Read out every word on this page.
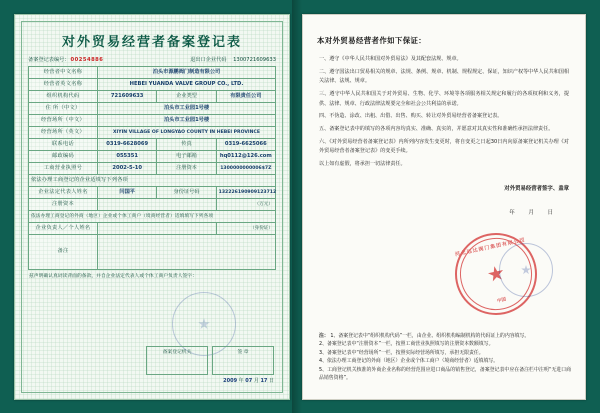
对外贸易经营者备案登记表
备案登记表编号： 00254886	退出口企业代码 1300721609633
经营者中文名称	泊头市源鹏阀门制造有限公司		
经营者英文名称	HEBEI YUANDA VALVE GROUP CO., LTD.		
组织机构代码	721609633	企业类型	有限责任公司
住 所（中文）	泊头市工业园1号楼		
经营场所（中文）	泊头市工业园1号楼		
经营场所（英文）	XIYIN VILLAGE OF LONGYAO COUNTY IN HEBEI PROVINCE		
联系电话	0319-6628069	传真	0319-6625066
邮政编码	055351	电子邮箱	hq0112@126.com
工商营业执照号	2002-5-10	注册资本	1300000000006$7Z
依法办理工商登记的企业适填写下列各项			
企业法定代表人姓名	闫国平	身份证号码	132226190909123712
注册资本			（万元）
依法办理工商登记的外商（地区）企业或个体工商户（境商经营者）适填填写下列各项			
企业负责人／个人姓名			（身份证）
备注			
兹声明确认真词读背面的条款，并自企业法定代表人或个体工商户负责人签字：
备案登记机关	签 章
2009 年 07 月 17 日
本对外贸易经营者作如下保证：

一、遵守《中华人民共和国对外贸易法》及其配套法规、规章。

二、遵守国法出口贸易相关的规章、法规、条例、规章、机制、规程规定、保证，知识产权等中华人民共和国相关法律、法规、规章。

三、遵守中华人民共和国关于对外贸易、生物、化学、环境等各项服务相关规定和履行的各项权利和义务，提供、法律、规章、行政法律法规要完全和社会公共利益的承诺。

四、不伪造、涂改、出租、出借、出售、购买、转让对外贸易经营者备案登记表。

五、备案登记表中的填写的各项内容均真实、准确、真实的，并愿意对其真实性和准确性承担法律责任。

六、《对外贸易经营者备案登记表》内所列内容发生变更时，将自变更之日起30日内向原备案登记机关办理《对外贸易经营者备案登记表》的变更手续。

以上如有虚假，将承担一切法律责任。

对外贸易经营者签字、盖章
年 月 日
河北远达阀门集团有限公司
中国
注： 1、备案登记表中“组织机构代码”一栏，由企业、组织机构编制机构的代码证上的内容填写。
2、备案登记表中“注册资本”一栏，按照工商营业执照填写的注册资本数额填写。
3、备案登记表中“经营场所”一栏，按照实际经营场所填写，承担无限责任。
4、依法办理工商登记的外商（地区）企业或个体工商户（境商经营者）适填填写。
5、工商登记机关核准的外商企业名称的经营范围应进口商品的销售登记，备案登记表中应在备注栏中注明“无进口商品销售资格”。
